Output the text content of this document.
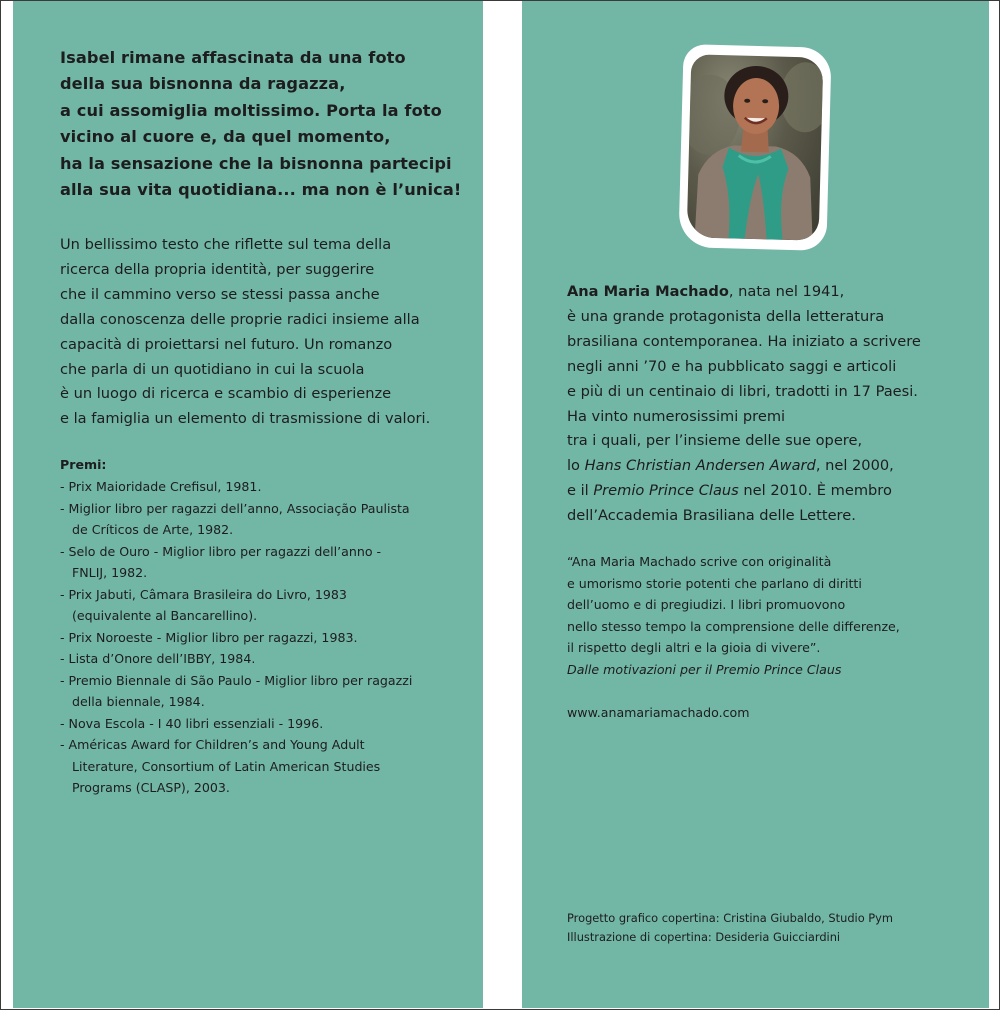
Isabel rimane affascinata da una foto
della sua bisnonna da ragazza,
a cui assomiglia moltissimo. Porta la foto
vicino al cuore e, da quel momento,
ha la sensazione che la bisnonna partecipi
alla sua vita quotidiana... ma non è l’unica!

Un bellissimo testo che riflette sul tema della
ricerca della propria identità, per suggerire
che il cammino verso se stessi passa anche
dalla conoscenza delle proprie radici insieme alla
capacità di proiettarsi nel futuro. Un romanzo
che parla di un quotidiano in cui la scuola
è un luogo di ricerca e scambio di esperienze
e la famiglia un elemento di trasmissione di valori.

Premi:

- Prix Maioridade Crefisul, 1981.
- Miglior libro per ragazzi dell’anno, Associação Paulista
de Críticos de Arte, 1982.
- Selo de Ouro - Miglior libro per ragazzi dell’anno -
FNLIJ, 1982.
- Prix Jabuti, Câmara Brasileira do Livro, 1983
(equivalente al Bancarellino).
- Prix Noroeste - Miglior libro per ragazzi, 1983.
- Lista d’Onore dell’IBBY, 1984.
- Premio Biennale di São Paulo - Miglior libro per ragazzi
della biennale, 1984.
- Nova Escola - I 40 libri essenziali - 1996.
- Américas Award for Children’s and Young Adult
Literature, Consortium of Latin American Studies
Programs (CLASP), 2003.

Ana Maria Machado, nata nel 1941,
è una grande protagonista della letteratura
brasiliana contemporanea. Ha iniziato a scrivere
negli anni ’70 e ha pubblicato saggi e articoli
e più di un centinaio di libri, tradotti in 17 Paesi.
Ha vinto numerosissimi premi
tra i quali, per l’insieme delle sue opere,
lo Hans Christian Andersen Award, nel 2000,
e il Premio Prince Claus nel 2010. È membro
dell’Accademia Brasiliana delle Lettere.

“Ana Maria Machado scrive con originalità
e umorismo storie potenti che parlano di diritti
dell’uomo e di pregiudizi. I libri promuovono
nello stesso tempo la comprensione delle differenze,
il rispetto degli altri e la gioia di vivere”.
Dalle motivazioni per il Premio Prince Claus

www.anamariamachado.com

Progetto grafico copertina: Cristina Giubaldo, Studio Pym
Illustrazione di copertina: Desideria Guicciardini
